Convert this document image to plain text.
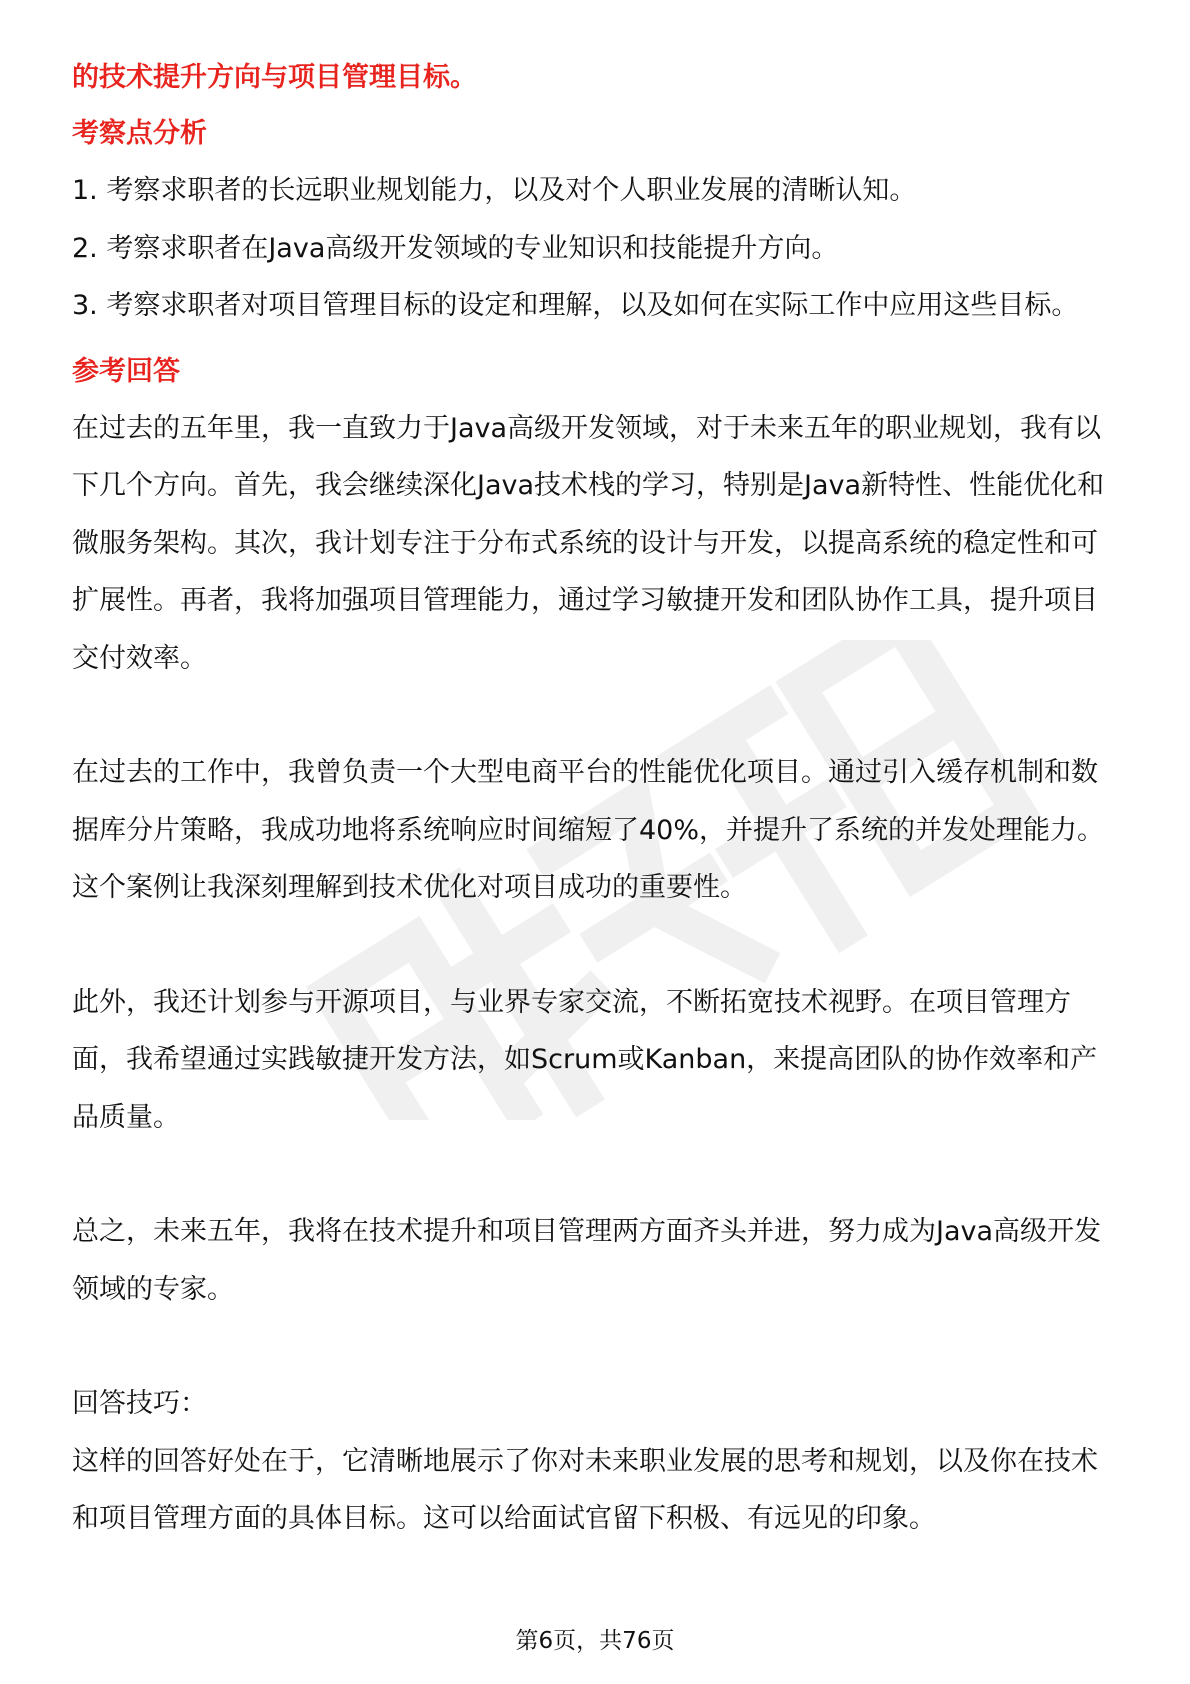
的技术提升方向与项目管理目标。

考察点分析

1. 考察求职者的长远职业规划能力，以及对个人职业发展的清晰认知。

2. 考察求职者在Java高级开发领域的专业知识和技能提升方向。

3. 考察求职者对项目管理目标的设定和理解，以及如何在实际工作中应用这些目标。

参考回答

在过去的五年里，我一直致力于Java高级开发领域，对于未来五年的职业规划，我有以下几个方向。首先，我会继续深化Java技术栈的学习，特别是Java新特性、性能优化和微服务架构。其次，我计划专注于分布式系统的设计与开发，以提高系统的稳定性和可扩展性。再者，我将加强项目管理能力，通过学习敏捷开发和团队协作工具，提升项目交付效率。

在过去的工作中，我曾负责一个大型电商平台的性能优化项目。通过引入缓存机制和数据库分片策略，我成功地将系统响应时间缩短了40%，并提升了系统的并发处理能力。这个案例让我深刻理解到技术优化对项目成功的重要性。

此外，我还计划参与开源项目，与业界专家交流，不断拓宽技术视野。在项目管理方面，我希望通过实践敏捷开发方法，如Scrum或Kanban，来提高团队的协作效率和产品质量。

总之，未来五年，我将在技术提升和项目管理两方面齐头并进，努力成为Java高级开发领域的专家。

回答技巧：

这样的回答好处在于，它清晰地展示了你对未来职业发展的思考和规划，以及你在技术和项目管理方面的具体目标。这可以给面试官留下积极、有远见的印象。

第6页，共76页
